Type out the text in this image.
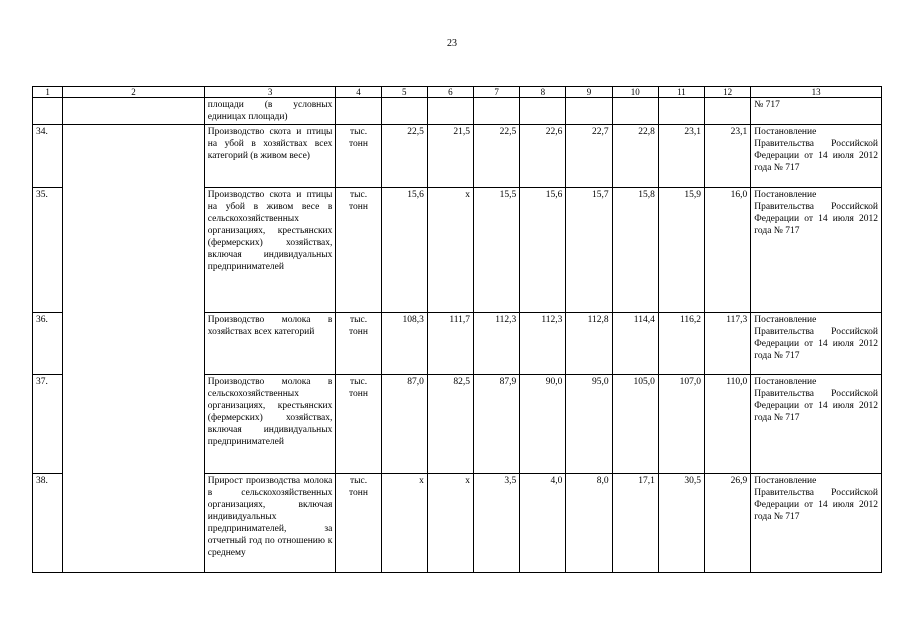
23
1	2	3	4	5	6	7	8	9	10	11	12	13
		площади (в условных единицах площади)										№ 717
34.		Производство скота и птицы на убой в хозяйствах всех категорий (в живом весе)	тыс. тонн	22,5	21,5	22,5	22,6	22,7	22,8	23,1	23,1	Постановление Правительства Российской Федерации от 14 июля 2012 года № 717
35.		Производство скота и птицы на убой в живом весе в сельскохозяйственных организациях, крестьянских (фермерских) хозяйствах, включая индивидуальных предпринимателей	тыс. тонн	15,6	х	15,5	15,6	15,7	15,8	15,9	16,0	Постановление Правительства Российской Федерации от 14 июля 2012 года № 717
36.		Производство молока в хозяйствах всех категорий	тыс. тонн	108,3	111,7	112,3	112,3	112,8	114,4	116,2	117,3	Постановление Правительства Российской Федерации от 14 июля 2012 года № 717
37.		Производство молока в сельскохозяйственных организациях, крестьянских (фермерских) хозяйствах, включая индивидуальных предпринимателей	тыс. тонн	87,0	82,5	87,9	90,0	95,0	105,0	107,0	110,0	Постановление Правительства Российской Федерации от 14 июля 2012 года № 717
38.		Прирост производства молока в сельскохозяйственных организациях, включая индивидуальных предпринимателей, за отчетный год по отношению к среднему	тыс. тонн	х	х	3,5	4,0	8,0	17,1	30,5	26,9	Постановление Правительства Российской Федерации от 14 июля 2012 года № 717
